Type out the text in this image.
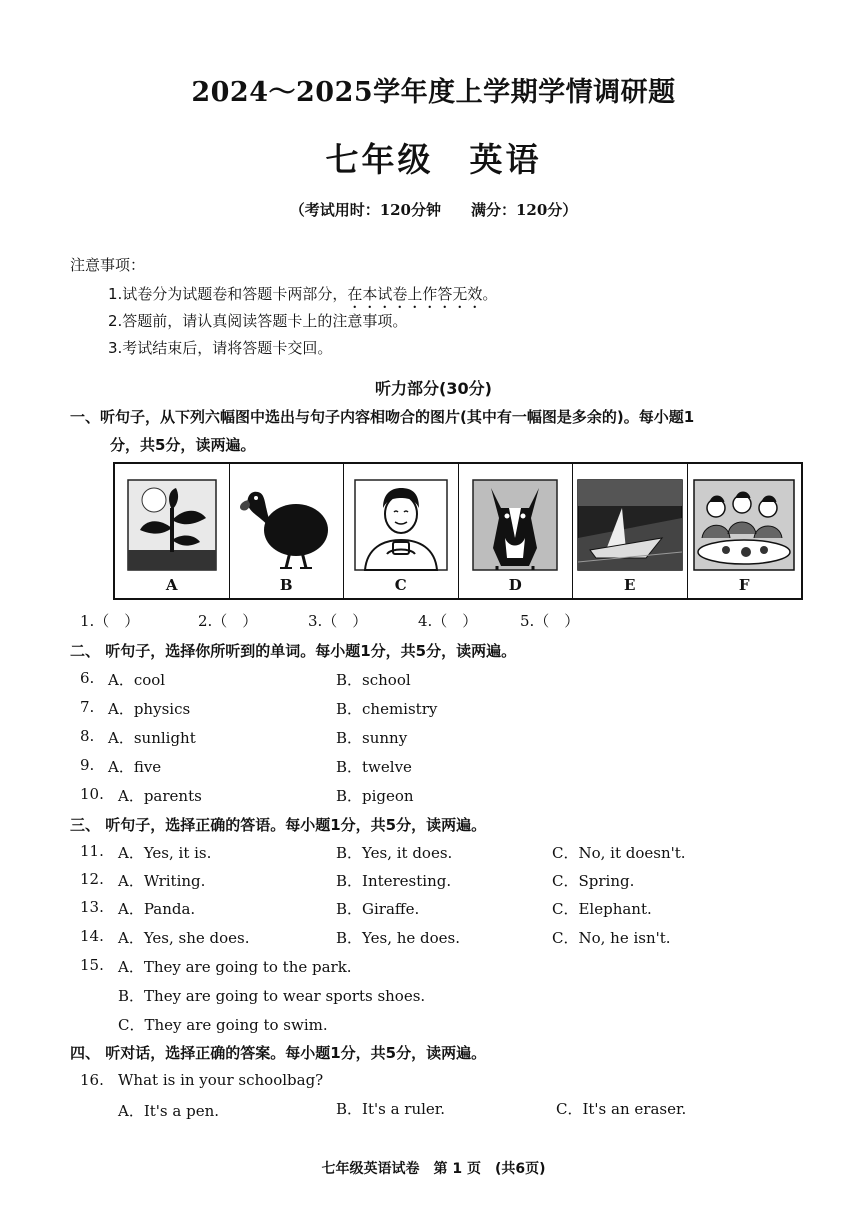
2024～2025学年度上学期学情调研题
七年级　英语
（考试用时：120分钟　　满分：120分）
注意事项：
1.试卷分为试题卷和答题卡两部分，在本试卷上作答无效。
2.答题前，请认真阅读答题卡上的注意事项。
3.考试结束后，请将答题卡交回。
听力部分(30分)
一、听句子，从下列六幅图中选出与句子内容相吻合的图片(其中有一幅图是多余的)。每小题1
分，共5分，读两遍。
A	B	C	D	E	F
1.（　）	2.（　）	3.（　）	4.（　）	5.（　）
二、 听句子，选择你所听到的单词。每小题1分，共5分，读两遍。
6. A．cool	B．school
7. A．physics	B．chemistry
8. A．sunlight	B．sunny
9. A．five	B．twelve
10. A．parents	B．pigeon
三、 听句子，选择正确的答语。每小题1分，共5分，读两遍。
11. A．Yes, it is.	B．Yes, it does.	C．No, it doesn't.
12. A．Writing.	B．Interesting.	C．Spring.
13. A．Panda.	B．Giraffe.	C．Elephant.
14. A．Yes, she does.	B．Yes, he does.	C．No, he isn't.
15. A．They are going to the park.
B．They are going to wear sports shoes.
C．They are going to swim.
四、 听对话，选择正确的答案。每小题1分，共5分，读两遍。
16. What is in your schoolbag?
A．It's a pen.	B．It's a ruler.	C．It's an eraser.
七年级英语试卷　第 1 页　(共6页)
